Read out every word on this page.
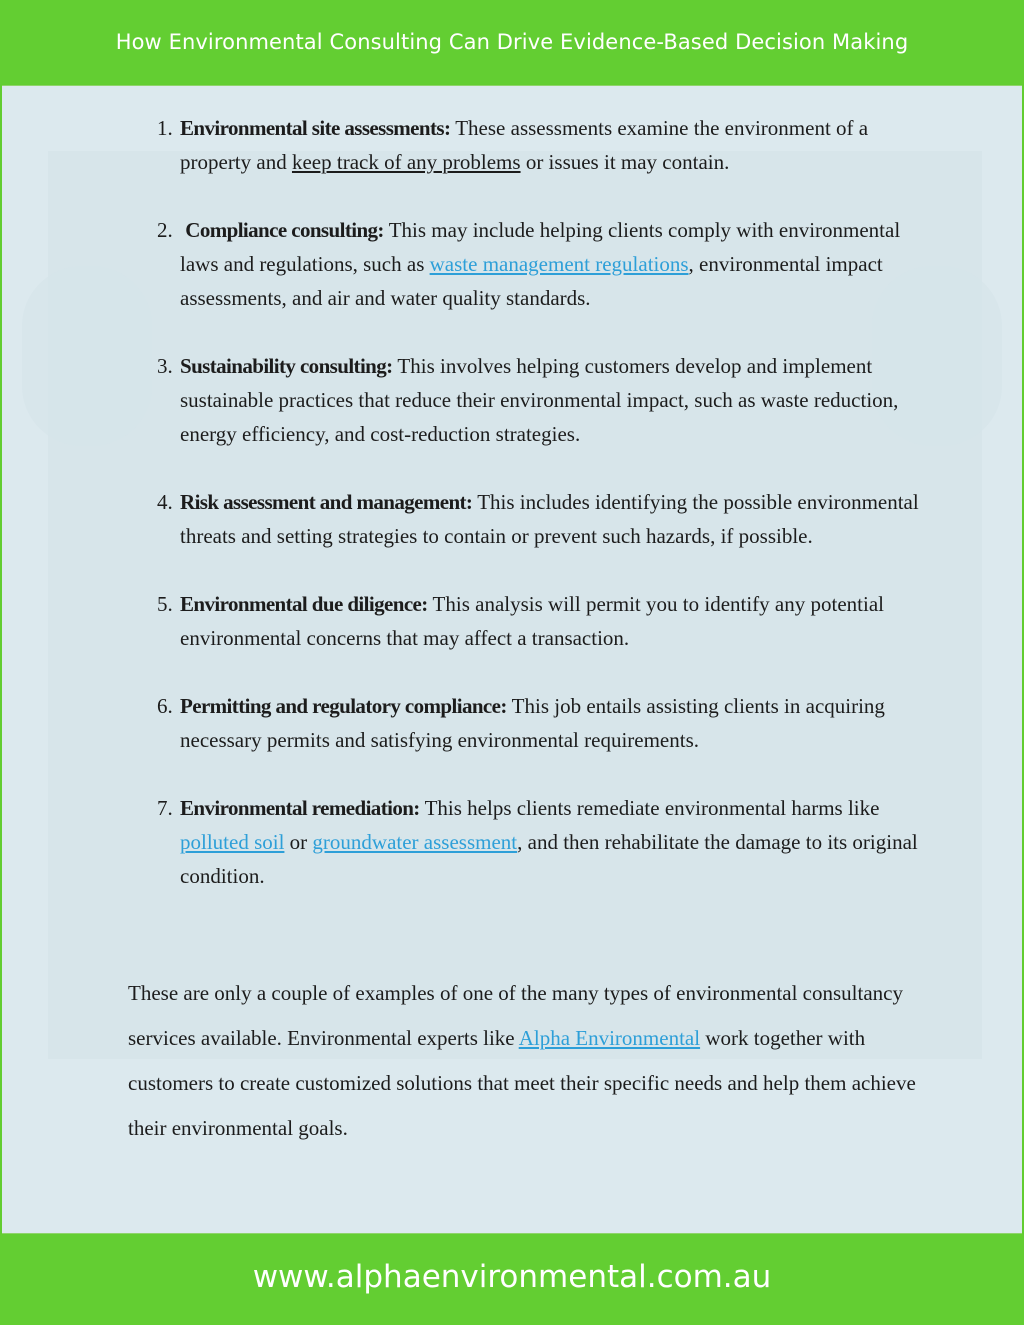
How Environmental Consulting Can Drive Evidence-Based Decision Making
1. Environmental site assessments: These assessments examine the environment of a property and keep track of any problems or issues it may contain.
2. Compliance consulting: This may include helping clients comply with environmental laws and regulations, such as waste management regulations, environmental impact assessments, and air and water quality standards.
3. Sustainability consulting: This involves helping customers develop and implement sustainable practices that reduce their environmental impact, such as waste reduction, energy efficiency, and cost-reduction strategies.
4. Risk assessment and management: This includes identifying the possible environmental threats and setting strategies to contain or prevent such hazards, if possible.
5. Environmental due diligence: This analysis will permit you to identify any potential environmental concerns that may affect a transaction.
6. Permitting and regulatory compliance: This job entails assisting clients in acquiring necessary permits and satisfying environmental requirements.
7. Environmental remediation: This helps clients remediate environmental harms like polluted soil or groundwater assessment, and then rehabilitate the damage to its original condition.

These are only a couple of examples of one of the many types of environmental consultancy services available. Environmental experts like Alpha Environmental work together with customers to create customized solutions that meet their specific needs and help them achieve their environmental goals.

www.alphaenvironmental.com.au
